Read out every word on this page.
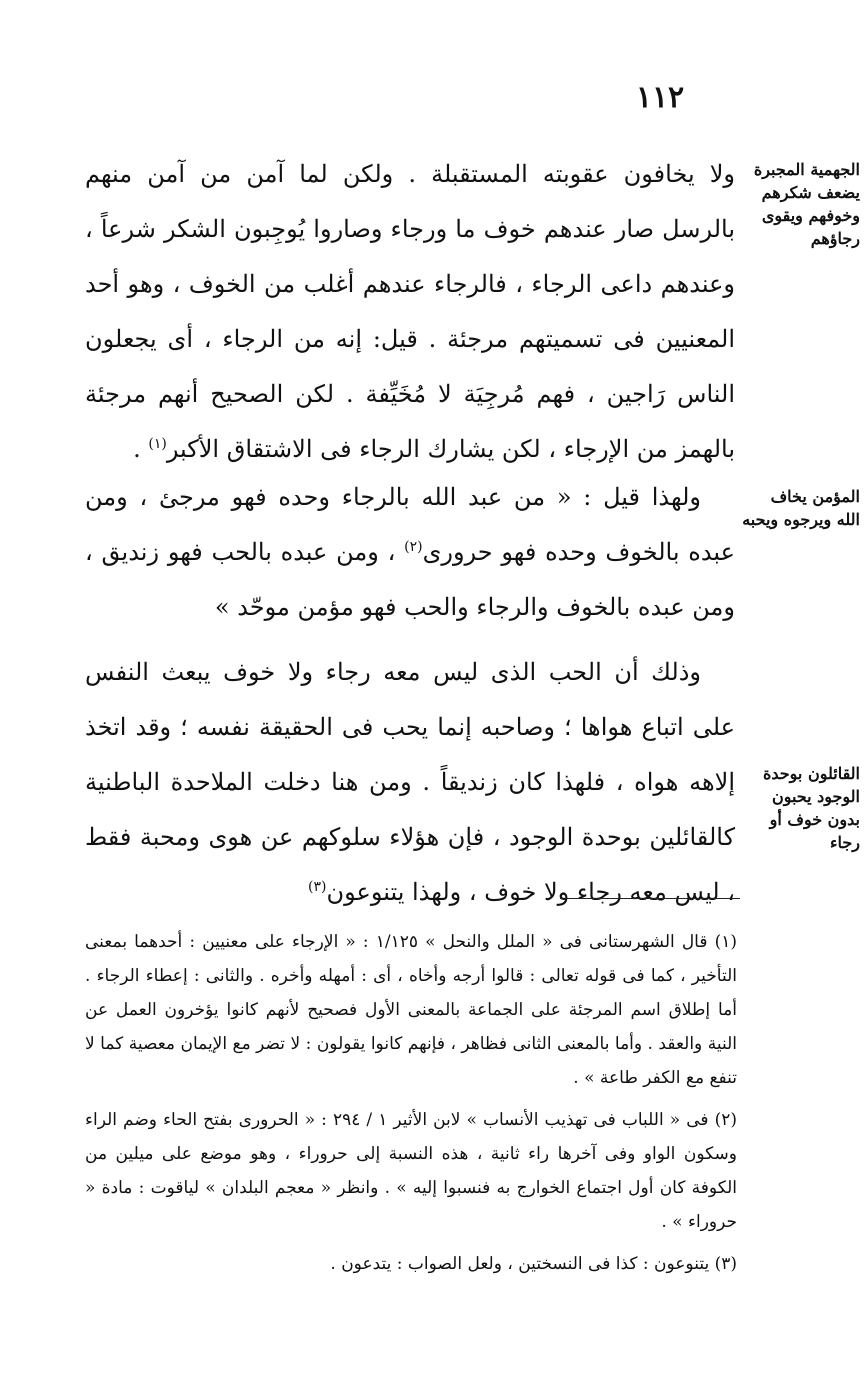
١١٢
الجهمية المجبرة يضعف شكرهم وخوفهم ويقوى رجاؤهم

ولا يخافون عقوبته المستقبلة . ولكن لما آمن من آمن منهم بالرسل صار عندهم خوف ما ورجاء وصاروا يُوجِبون الشكر شرعاً ، وعندهم داعى الرجاء ، فالرجاء عندهم أغلب من الخوف ، وهو أحد المعنيين فى تسميتهم مرجئة . قيل: إنه من الرجاء ، أى يجعلون الناس رَاجين ، فهم مُرجِيَة لا مُخَيِّفة . لكن الصحيح أنهم مرجئة بالهمز من الإرجاء ، لكن يشارك الرجاء فى الاشتقاق الأكبر$^{(١)}$ .

المؤمن يخاف الله ويرجوه ويحبه

ولهذا قيل : « من عبد الله بالرجاء وحده فهو مرجئ ، ومن عبده بالخوف وحده فهو حرورى$^{(٢)}$ ، ومن عبده بالحب فهو زنديق ، ومن عبده بالخوف والرجاء والحب فهو مؤمن موحّد »

القائلون بوحدة الوجود يحبون بدون خوف أو رجاء

وذلك أن الحب الذى ليس معه رجاء ولا خوف يبعث النفس على اتباع هواها ؛ وصاحبه إنما يحب فى الحقيقة نفسه ؛ وقد اتخذ إلاهه هواه ، فلهذا كان زنديقاً . ومن هنا دخلت الملاحدة الباطنية كالقائلين بوحدة الوجود ، فإن هؤلاء سلوكهم عن هوى ومحبة فقط ، ليس معه رجاء ولا خوف ، ولهذا يتنوعون$^{(٣)}$

(١) قال الشهرستانى فى « الملل والنحل » ١/١٢٥ : « الإرجاء على معنيين : أحدهما بمعنى التأخير ، كما فى قوله تعالى : قالوا أرجه وأخاه ، أى : أمهله وأخره . والثانى : إعطاء الرجاء . أما إطلاق اسم المرجئة على الجماعة بالمعنى الأول فصحيح لأنهم كانوا يؤخرون العمل عن النية والعقد . وأما بالمعنى الثانى فظاهر ، فإنهم كانوا يقولون : لا تضر مع الإيمان معصية كما لا تنفع مع الكفر طاعة » .

(٢) فى « اللباب فى تهذيب الأنساب » لابن الأثير ١ / ٢٩٤ : « الحرورى بفتح الحاء وضم الراء وسكون الواو وفى آخرها راء ثانية ، هذه النسبة إلى حروراء ، وهو موضع على ميلين من الكوفة كان أول اجتماع الخوارج به فنسبوا إليه » . وانظر « معجم البلدان » لياقوت : مادة « حروراء » .

(٣) يتنوعون : كذا فى النسختين ، ولعل الصواب : يتدعون .
